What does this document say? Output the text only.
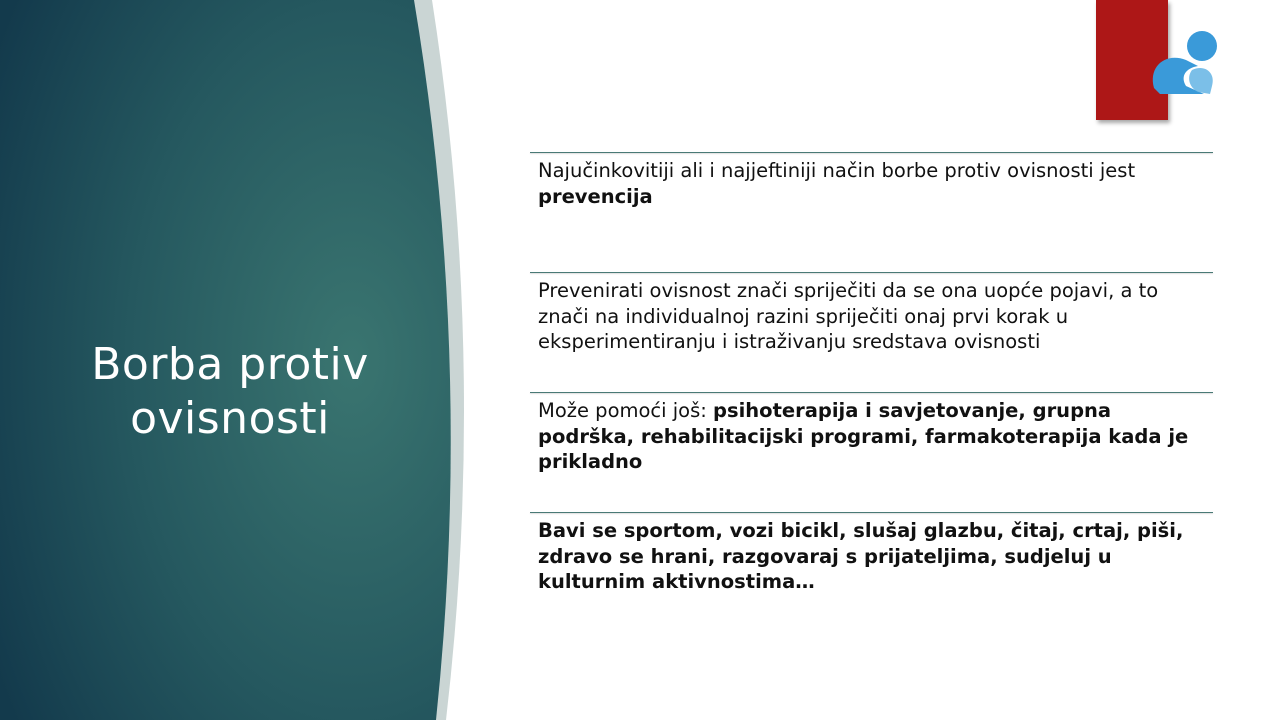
Borba protiv ovisnosti
Najučinkovitiji ali i najjeftiniji način borbe protiv ovisnosti jest prevencija
Prevenirati ovisnost znači spriječiti da se ona uopće pojavi, a to znači na individualnoj razini spriječiti onaj prvi korak u eksperimentiranju i istraživanju sredstava ovisnosti
Može pomoći još: psihoterapija i savjetovanje, grupna podrška, rehabilitacijski programi, farmakoterapija kada je prikladno
Bavi se sportom, vozi bicikl, slušaj glazbu, čitaj, crtaj, piši, zdravo se hrani, razgovaraj s prijateljima, sudjeluj u kulturnim aktivnostima…
